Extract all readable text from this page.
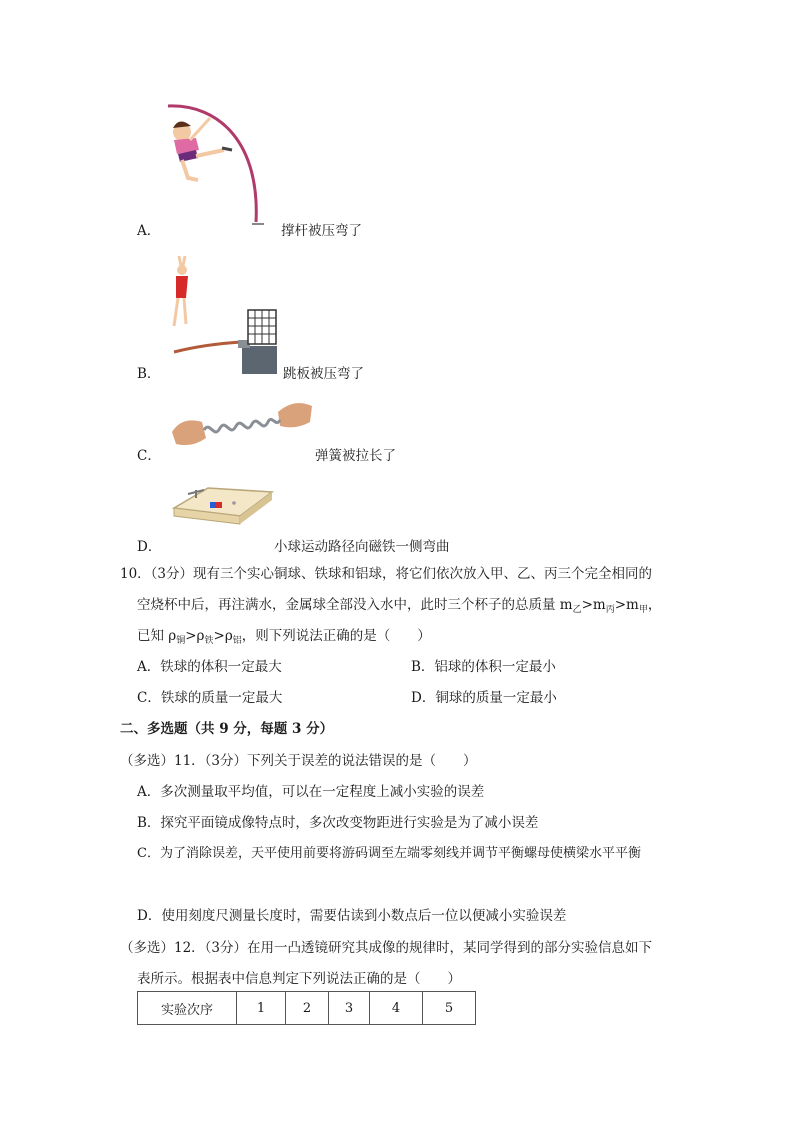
A．	撑杆被压弯了
B．	跳板被压弯了
C．	弹簧被拉长了
D．	小球运动路径向磁铁一侧弯曲
10．（3分）现有三个实心铜球、铁球和铝球，将它们依次放入甲、乙、丙三个完全相同的
空烧杯中后，再注满水，金属球全部没入水中，此时三个杯子的总质量 $m_乙>m_丙>m_甲$，
已知 $\rho_铜>\rho_铁>\rho_铝$，则下列说法正确的是（　　）
A．铁球的体积一定最大	B．铝球的体积一定最小
C．铁球的质量一定最大	D．铜球的质量一定最小
二、多选题（共 9 分，每题 3 分）
（多选）11．（3分）下列关于误差的说法错误的是（　　）
A．多次测量取平均值，可以在一定程度上减小实验的误差
B．探究平面镜成像特点时，多次改变物距进行实验是为了减小误差
C．为了消除误差，天平使用前要将游码调至左端零刻线并调节平衡螺母使横梁水平平衡
D．使用刻度尺测量长度时，需要估读到小数点后一位以便减小实验误差
（多选）12．（3分）在用一凸透镜研究其成像的规律时，某同学得到的部分实验信息如下
表所示。根据表中信息判定下列说法正确的是（　　）
实验次序	1	2	3	4	5
